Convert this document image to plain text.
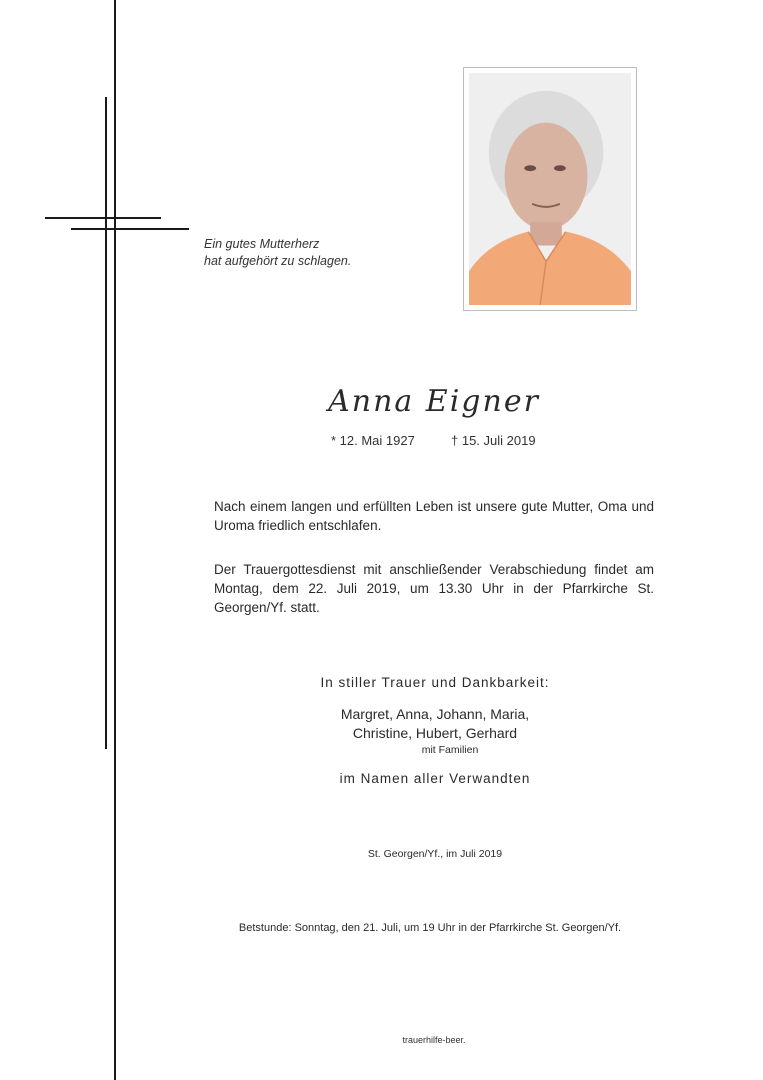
Ein gutes Mutterherz
hat aufgehört zu schlagen.
Anna Eigner
* 12. Mai 1927	† 15. Juli 2019
Nach einem langen und erfüllten Leben ist unsere gute Mutter, Oma und Uroma friedlich entschlafen.
Der Trauergottesdienst mit anschließender Verabschiedung findet am Montag, dem 22. Juli 2019, um 13.30 Uhr in der Pfarrkirche St. Georgen/Yf. statt.
In stiller Trauer und Dankbarkeit:
Margret, Anna, Johann, Maria,
Christine, Hubert, Gerhard
mit Familien
im Namen aller Verwandten
St. Georgen/Yf., im Juli 2019
Betstunde: Sonntag, den 21. Juli, um 19 Uhr in der Pfarrkirche St. Georgen/Yf.
trauerhilfe-beer.
